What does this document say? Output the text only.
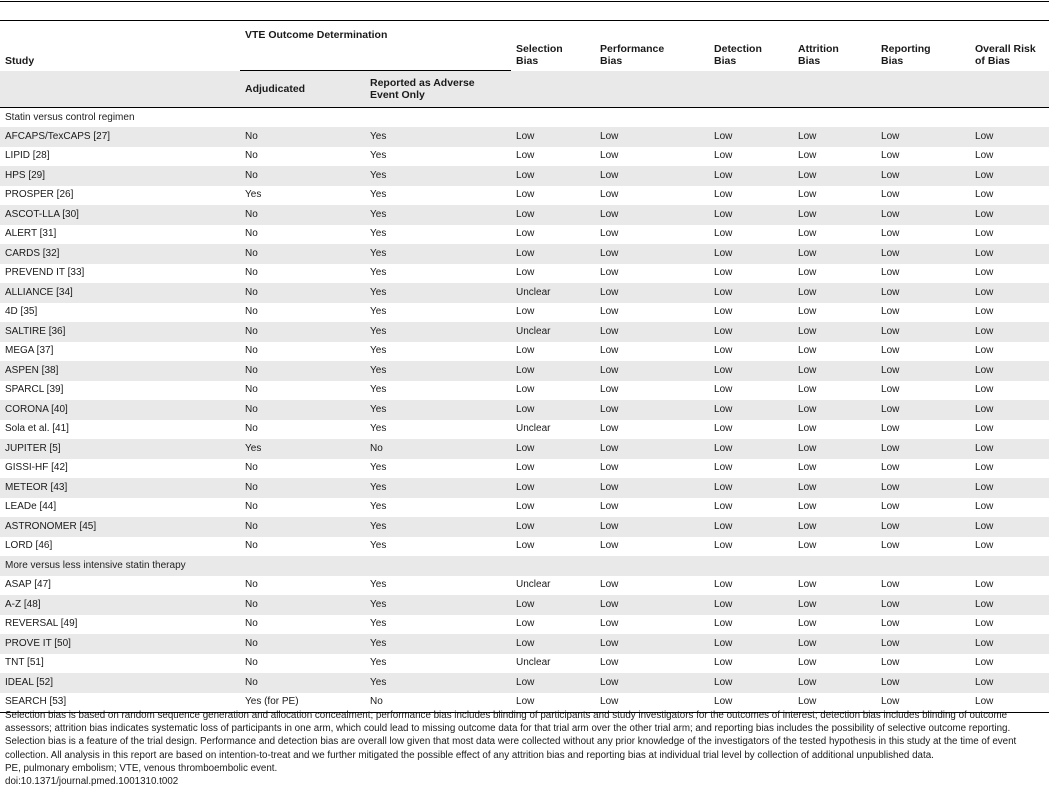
Study	VTE Outcome Determination		Selection Bias	Performance Bias	Detection Bias	Attrition Bias	Reporting Bias	Overall Risk of Bias

	Adjudicated	Reported as Adverse Event Only						

Statin versus control regimen								
AFCAPS/TexCAPS [27]	No	Yes	Low	Low	Low	Low	Low	Low
LIPID [28]	No	Yes	Low	Low	Low	Low	Low	Low
HPS [29]	No	Yes	Low	Low	Low	Low	Low	Low
PROSPER [26]	Yes	Yes	Low	Low	Low	Low	Low	Low
ASCOT-LLA [30]	No	Yes	Low	Low	Low	Low	Low	Low
ALERT [31]	No	Yes	Low	Low	Low	Low	Low	Low
CARDS [32]	No	Yes	Low	Low	Low	Low	Low	Low
PREVEND IT [33]	No	Yes	Low	Low	Low	Low	Low	Low
ALLIANCE [34]	No	Yes	Unclear	Low	Low	Low	Low	Low
4D [35]	No	Yes	Low	Low	Low	Low	Low	Low
SALTIRE [36]	No	Yes	Unclear	Low	Low	Low	Low	Low
MEGA [37]	No	Yes	Low	Low	Low	Low	Low	Low
ASPEN [38]	No	Yes	Low	Low	Low	Low	Low	Low
SPARCL [39]	No	Yes	Low	Low	Low	Low	Low	Low
CORONA [40]	No	Yes	Low	Low	Low	Low	Low	Low
Sola et al. [41]	No	Yes	Unclear	Low	Low	Low	Low	Low
JUPITER [5]	Yes	No	Low	Low	Low	Low	Low	Low
GISSI-HF [42]	No	Yes	Low	Low	Low	Low	Low	Low
METEOR [43]	No	Yes	Low	Low	Low	Low	Low	Low
LEADe [44]	No	Yes	Low	Low	Low	Low	Low	Low
ASTRONOMER [45]	No	Yes	Low	Low	Low	Low	Low	Low
LORD [46]	No	Yes	Low	Low	Low	Low	Low	Low
More versus less intensive statin therapy								
ASAP [47]	No	Yes	Unclear	Low	Low	Low	Low	Low
A-Z [48]	No	Yes	Low	Low	Low	Low	Low	Low
REVERSAL [49]	No	Yes	Low	Low	Low	Low	Low	Low
PROVE IT [50]	No	Yes	Low	Low	Low	Low	Low	Low
TNT [51]	No	Yes	Unclear	Low	Low	Low	Low	Low
IDEAL [52]	No	Yes	Low	Low	Low	Low	Low	Low
SEARCH [53]	Yes (for PE)	No	Low	Low	Low	Low	Low	Low

Selection bias is based on random sequence generation and allocation concealment; performance bias includes blinding of participants and study investigators for the outcomes of interest; detection bias includes blinding of outcome assessors; attrition bias indicates systematic loss of participants in one arm, which could lead to missing outcome data for that trial arm over the other trial arm; and reporting bias includes the possibility of selective outcome reporting. Selection bias is a feature of the trial design. Performance and detection bias are overall low given that most data were collected without any prior knowledge of the investigators of the tested hypothesis in this study at the time of event collection. All analysis in this report are based on intention-to-treat and we further mitigated the possible effect of any attrition bias and reporting bias at individual trial level by collection of additional unpublished data.

PE, pulmonary embolism; VTE, venous thromboembolic event.

doi:10.1371/journal.pmed.1001310.t002
